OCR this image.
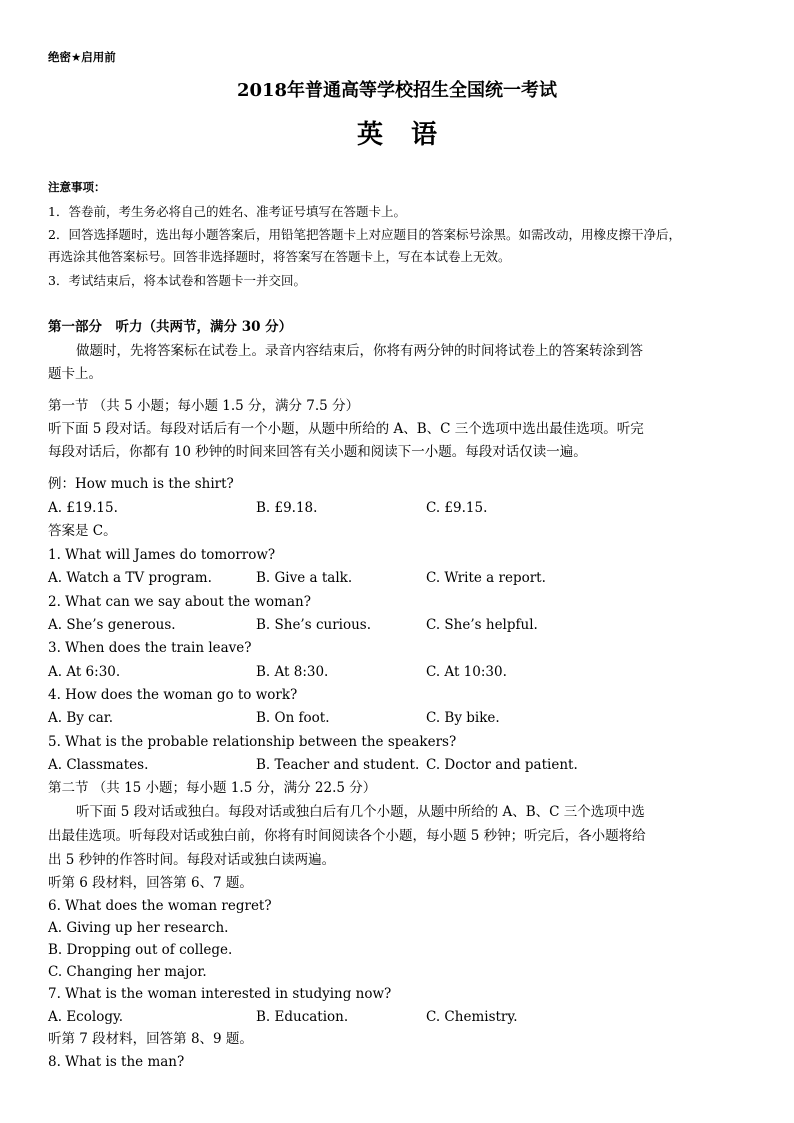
绝密★启用前
2018年普通高等学校招生全国统一考试
英语
注意事项：
1．答卷前，考生务必将自己的姓名、准考证号填写在答题卡上。
2．回答选择题时，选出每小题答案后，用铅笔把答题卡上对应题目的答案标号涂黑。如需改动，用橡皮擦干净后，
再选涂其他答案标号。回答非选择题时，将答案写在答题卡上，写在本试卷上无效。
3．考试结束后，将本试卷和答题卡一并交回。
第一部分　听力（共两节，满分 30 分）
做题时，先将答案标在试卷上。录音内容结束后，你将有两分钟的时间将试卷上的答案转涂到答
题卡上。
第一节 （共 5 小题；每小题 1.5 分，满分 7.5 分）
听下面 5 段对话。每段对话后有一个小题，从题中所给的 A、B、C 三个选项中选出最佳选项。听完
每段对话后，你都有 10 秒钟的时间来回答有关小题和阅读下一小题。每段对话仅读一遍。
例：How much is the shirt?
A. £19.15.	B. £9.18.	C. £9.15.
答案是 C。
1. What will James do tomorrow?
A. Watch a TV program.	B. Give a talk.	C. Write a report.
2. What can we say about the woman?
A. She’s generous.	B. She’s curious.	C. She’s helpful.
3. When does the train leave?
A. At 6:30.	B. At 8:30.	C. At 10:30.
4. How does the woman go to work?
A. By car.	B. On foot.	C. By bike.
5. What is the probable relationship between the speakers?
A. Classmates.	B. Teacher and student. C. Doctor and patient.
第二节 （共 15 小题；每小题 1.5 分，满分 22.5 分）
听下面 5 段对话或独白。每段对话或独白后有几个小题，从题中所给的 A、B、C 三个选项中选
出最佳选项。听每段对话或独白前，你将有时间阅读各个小题，每小题 5 秒钟；听完后，各小题将给
出 5 秒钟的作答时间。每段对话或独白读两遍。
听第 6 段材料，回答第 6、7 题。
6. What does the woman regret?
A. Giving up her research.
B. Dropping out of college.
C. Changing her major.
7. What is the woman interested in studying now?
A. Ecology.	B. Education.	C. Chemistry.
听第 7 段材料，回答第 8、9 题。
8. What is the man?
